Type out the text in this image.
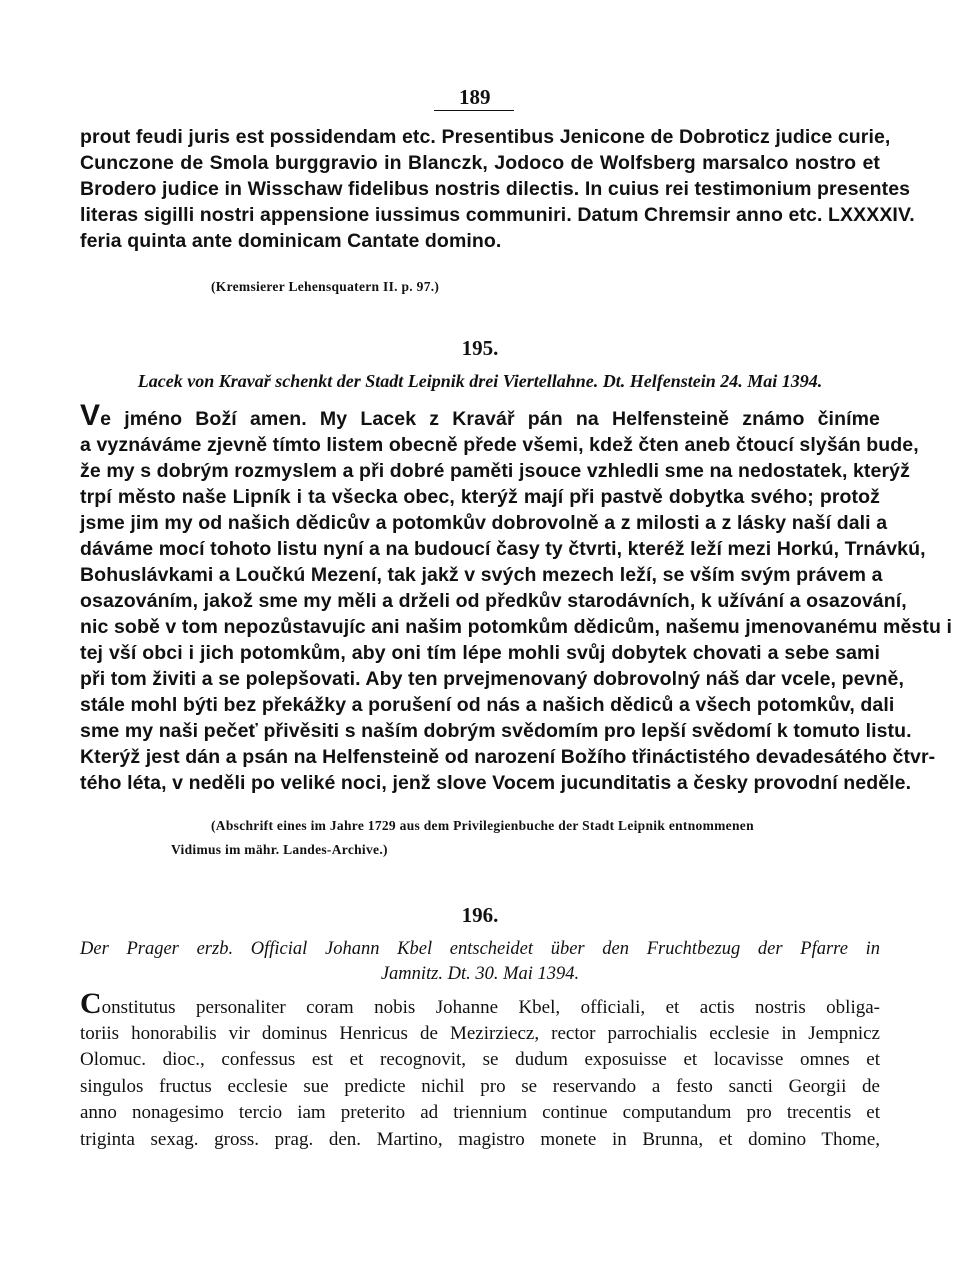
189
prout feudi juris est possidendam etc. Presentibus Jenicone de Dobroticz judice curie,
Cunczone de Smola burggravio in Blanczk, Jodoco de Wolfsberg marsalco nostro et
Brodero judice in Wisschaw fidelibus nostris dilectis. In cuius rei testimonium presentes
literas sigilli nostri appensione iussimus communiri. Datum Chremsir anno etc. LXXXXIV.
feria quinta ante dominicam Cantate domino.
(Kremsierer Lehensquatern II. p. 97.)
195.
Lacek von Kravař schenkt der Stadt Leipnik drei Viertellahne. Dt. Helfenstein 24. Mai 1394.
Ve jméno Boží amen. My Lacek z Kravář pán na Helfensteině známo činíme
a vyznáváme zjevně tímto listem obecně přede všemi, kdež čten aneb čtoucí slyšán bude,
že my s dobrým rozmyslem a při dobré paměti jsouce vzhledli sme na nedostatek, kterýž
trpí město naše Lipník i ta všecka obec, kterýž mají při pastvě dobytka svého; protož
jsme jim my od našich dědicův a potomkův dobrovolně a z milosti a z lásky naší dali a
dáváme mocí tohoto listu nyní a na budoucí časy ty čtvrti, kteréž leží mezi Horkú, Trnávkú,
Bohuslávkami a Loučkú Mezení, tak jakž v svých mezech leží, se vším svým právem a
osazováním, jakož sme my měli a drželi od předkův starodávních, k užívání a osazování,
nic sobě v tom nepozůstavujíc ani našim potomkům dědicům, našemu jmenovanému městu i
tej vší obci i jich potomkům, aby oni tím lépe mohli svůj dobytek chovati a sebe sami
při tom živiti a se polepšovati. Aby ten prvejmenovaný dobrovolný náš dar vcele, pevně,
stále mohl býti bez překážky a porušení od nás a našich dědiců a všech potomkův, dali
sme my naši pečeť přivěsiti s naším dobrým svědomím pro lepší svědomí k tomuto listu.
Kterýž jest dán a psán na Helfensteině od narození Božího třináctistého devadesátého čtvr-
tého léta, v neděli po veliké noci, jenž slove Vocem jucunditatis a česky provodní neděle.
(Abschrift eines im Jahre 1729 aus dem Privilegienbuche der Stadt Leipnik entnommenen
Vidimus im mähr. Landes-Archive.)
196.
Der Prager erzb. Official Johann Kbel entscheidet über den Fruchtbezug der Pfarre in
Jamnitz. Dt. 30. Mai 1394.
Constitutus personaliter coram nobis Johanne Kbel, officiali, et actis nostris obliga-
toriis honorabilis vir dominus Henricus de Mezirziecz, rector parrochialis ecclesie in Jempnicz
Olomuc. dioc., confessus est et recognovit, se dudum exposuisse et locavisse omnes et
singulos fructus ecclesie sue predicte nichil pro se reservando a festo sancti Georgii de
anno nonagesimo tercio iam preterito ad triennium continue computandum pro trecentis et
triginta sexag. gross. prag. den. Martino, magistro monete in Brunna, et domino Thome,
